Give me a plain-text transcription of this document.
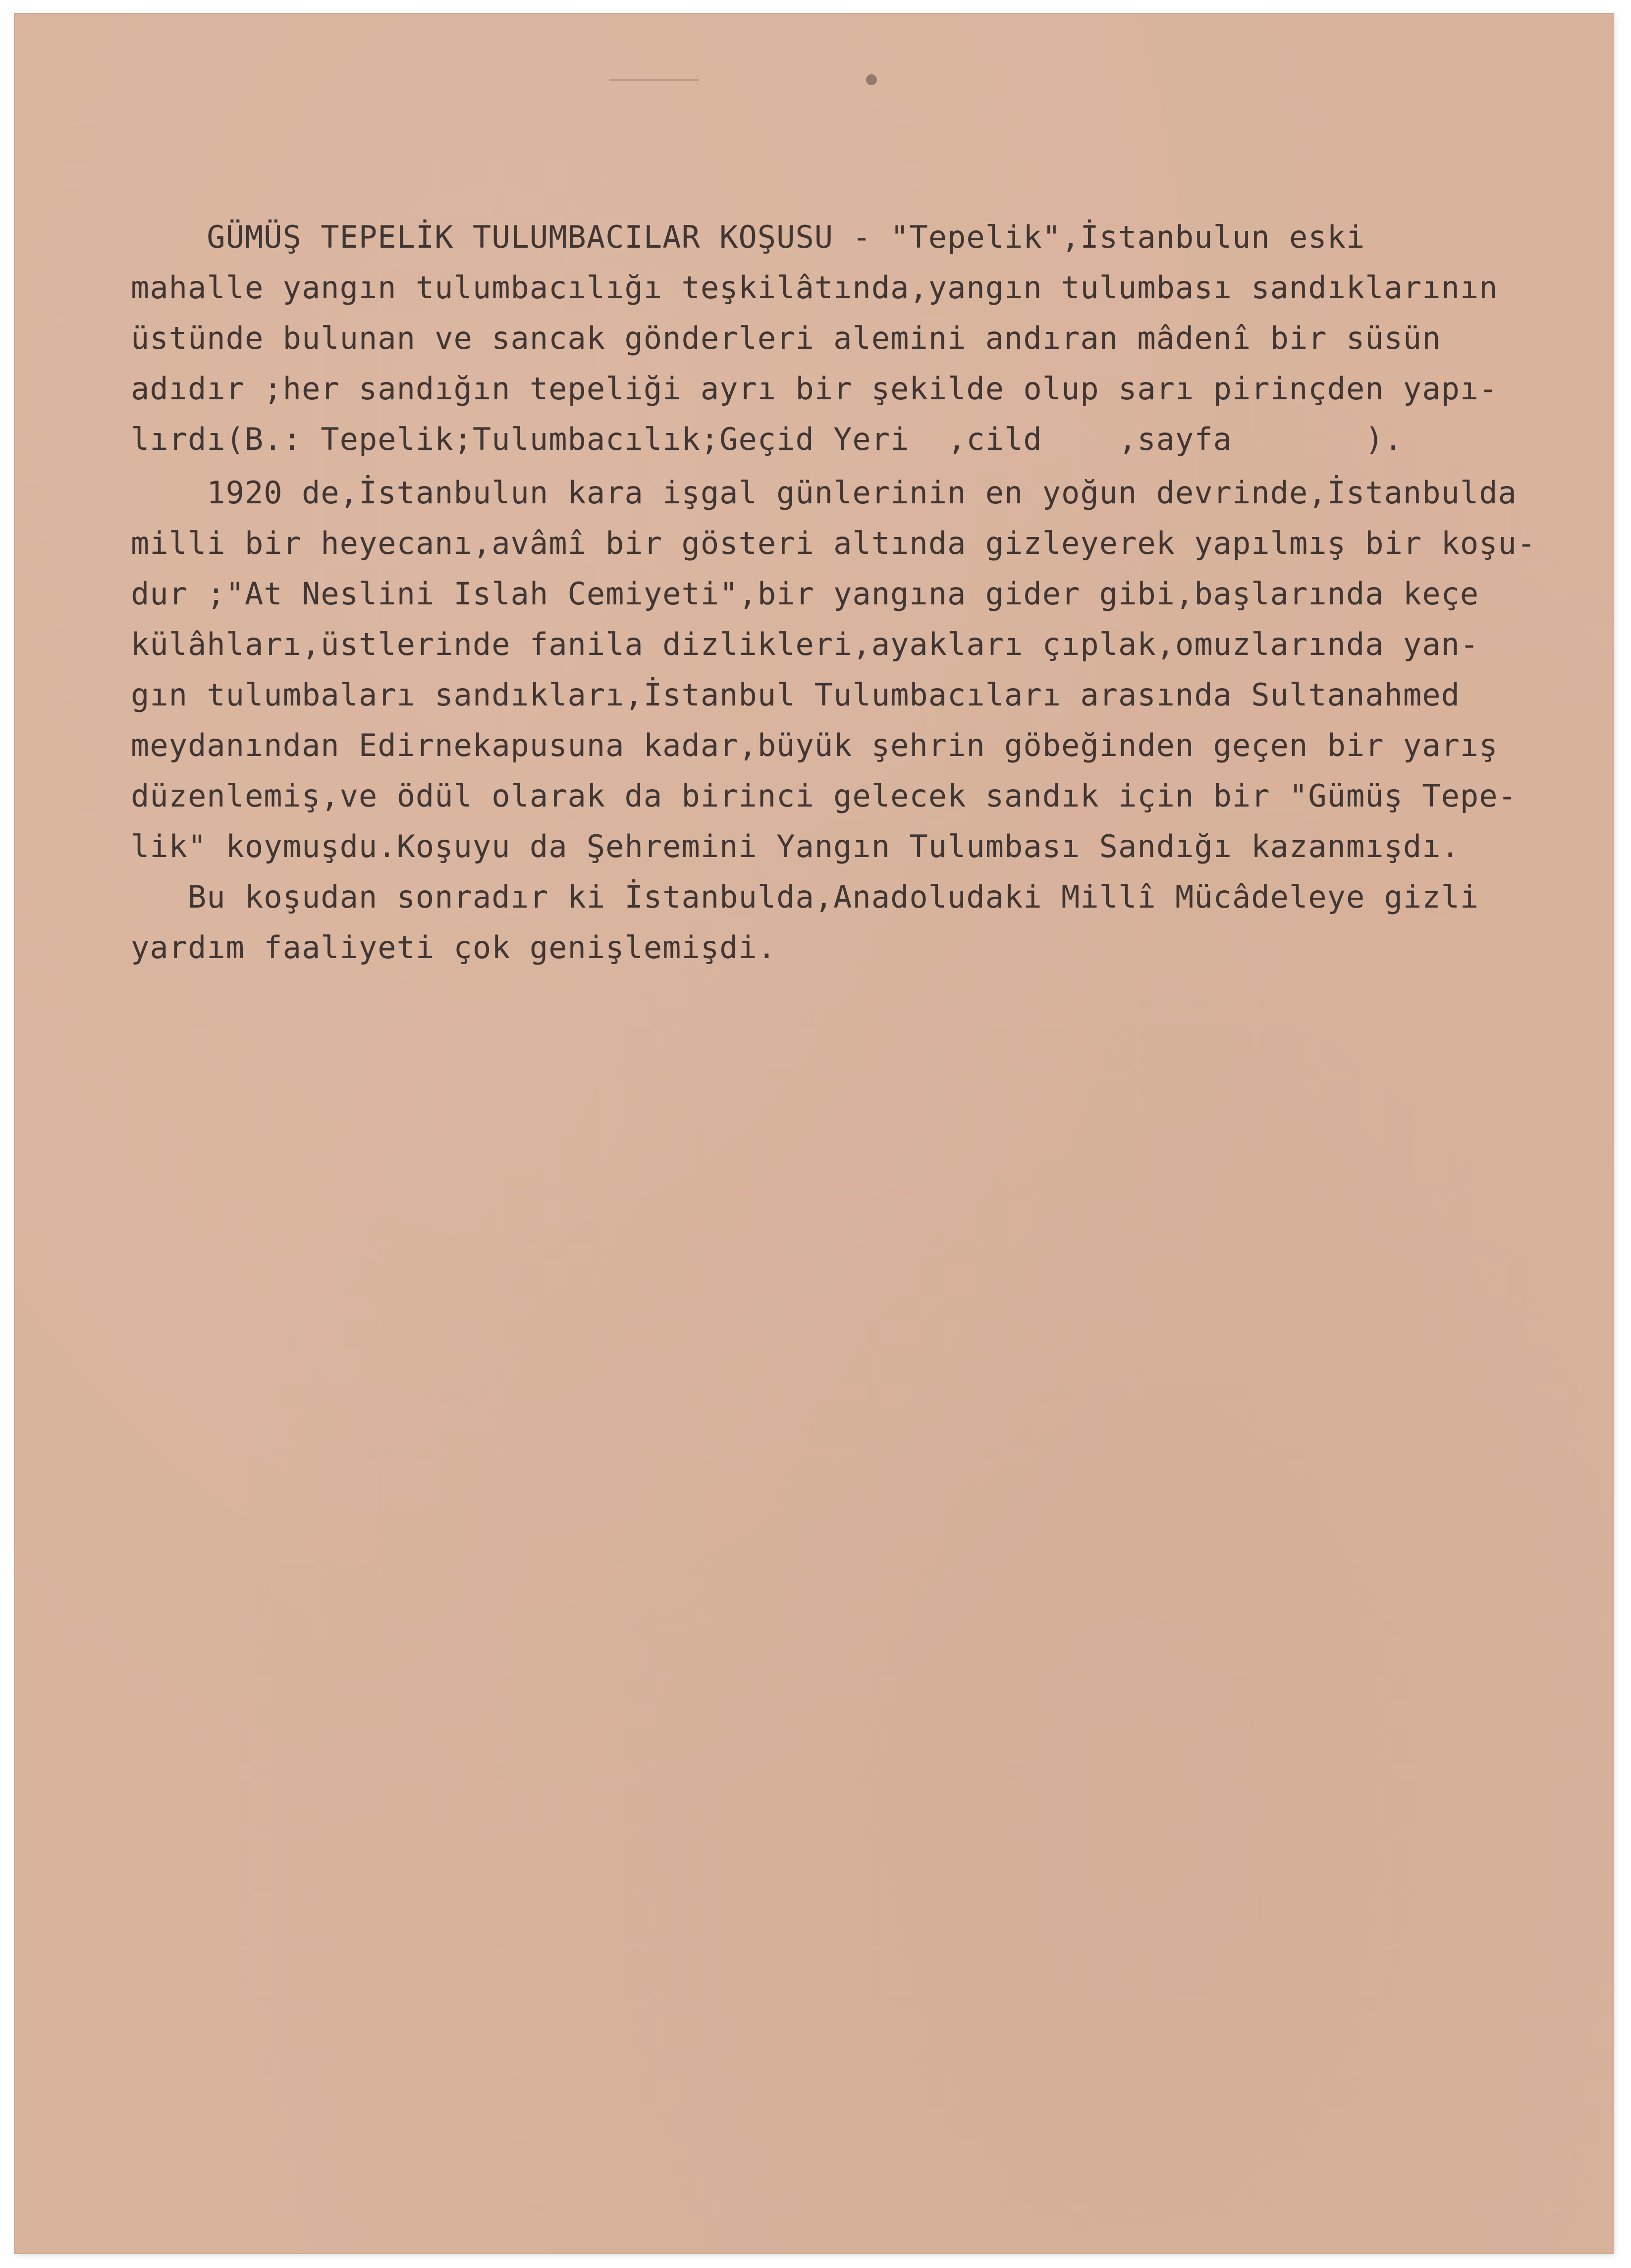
GÜMÜŞ TEPELİK TULUMBACILAR KOŞUSU - "Tepelik",İstanbulun eski
mahalle yangın tulumbacılığı teşkilâtında,yangın tulumbası sandıklarının
üstünde bulunan ve sancak gönderleri alemini andıran mâdenî bir süsün
adıdır ;her sandığın tepeliği ayrı bir şekilde olup sarı pirinçden yapı-
lırdı(B.: Tepelik;Tulumbacılık;Geçid Yeri  ,cild    ,sayfa       ).
1920 de,İstanbulun kara işgal günlerinin en yoğun devrinde,İstanbulda
milli bir heyecanı,avâmî bir gösteri altında gizleyerek yapılmış bir koşu-
dur ;"At Neslini Islah Cemiyeti",bir yangına gider gibi,başlarında keçe
külâhları,üstlerinde fanila dizlikleri,ayakları çıplak,omuzlarında yan-
gın tulumbaları sandıkları,İstanbul Tulumbacıları arasında Sultanahmed
meydanından Edirnekapusuna kadar,büyük şehrin göbeğinden geçen bir yarış
düzenlemiş,ve ödül olarak da birinci gelecek sandık için bir "Gümüş Tepe-
lik" koymuşdu.Koşuyu da Şehremini Yangın Tulumbası Sandığı kazanmışdı.
Bu koşudan sonradır ki İstanbulda,Anadoludaki Millî Mücâdeleye gizli
yardım faaliyeti çok genişlemişdi.
